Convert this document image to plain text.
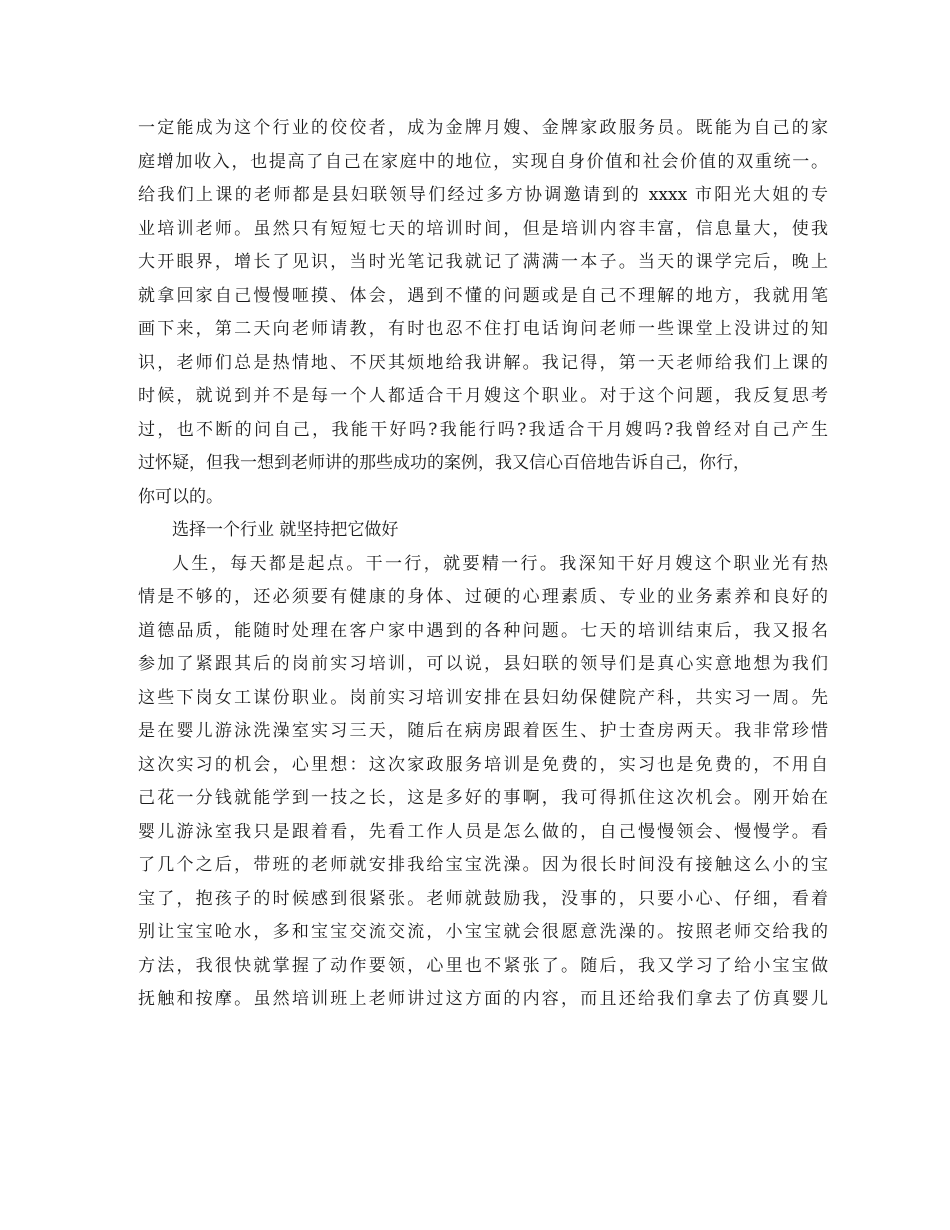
一定能成为这个行业的佼佼者，成为金牌月嫂、金牌家政服务员。既能为自己的家
庭增加收入，也提高了自己在家庭中的地位，实现自身价值和社会价值的双重统一。
给我们上课的老师都是县妇联领导们经过多方协调邀请到的 xxxx 市阳光大姐的专
业培训老师。虽然只有短短七天的培训时间，但是培训内容丰富，信息量大，使我
大开眼界，增长了见识，当时光笔记我就记了满满一本子。当天的课学完后，晚上
就拿回家自己慢慢咂摸、体会，遇到不懂的问题或是自己不理解的地方，我就用笔
画下来，第二天向老师请教，有时也忍不住打电话询问老师一些课堂上没讲过的知
识，老师们总是热情地、不厌其烦地给我讲解。我记得，第一天老师给我们上课的
时候，就说到并不是每一个人都适合干月嫂这个职业。对于这个问题，我反复思考
过，也不断的问自己，我能干好吗?我能行吗?我适合干月嫂吗?我曾经对自己产生
过怀疑，但我一想到老师讲的那些成功的案例，我又信心百倍地告诉自己，你行，
你可以的。
选择一个行业 就坚持把它做好
人生，每天都是起点。干一行，就要精一行。我深知干好月嫂这个职业光有热
情是不够的，还必须要有健康的身体、过硬的心理素质、专业的业务素养和良好的
道德品质，能随时处理在客户家中遇到的各种问题。七天的培训结束后，我又报名
参加了紧跟其后的岗前实习培训，可以说，县妇联的领导们是真心实意地想为我们
这些下岗女工谋份职业。岗前实习培训安排在县妇幼保健院产科，共实习一周。先
是在婴儿游泳洗澡室实习三天，随后在病房跟着医生、护士查房两天。我非常珍惜
这次实习的机会，心里想：这次家政服务培训是免费的，实习也是免费的，不用自
己花一分钱就能学到一技之长，这是多好的事啊，我可得抓住这次机会。刚开始在
婴儿游泳室我只是跟着看，先看工作人员是怎么做的，自己慢慢领会、慢慢学。看
了几个之后，带班的老师就安排我给宝宝洗澡。因为很长时间没有接触这么小的宝
宝了，抱孩子的时候感到很紧张。老师就鼓励我，没事的，只要小心、仔细，看着
别让宝宝呛水，多和宝宝交流交流，小宝宝就会很愿意洗澡的。按照老师交给我的
方法，我很快就掌握了动作要领，心里也不紧张了。随后，我又学习了给小宝宝做
抚触和按摩。虽然培训班上老师讲过这方面的内容，而且还给我们拿去了仿真婴儿
